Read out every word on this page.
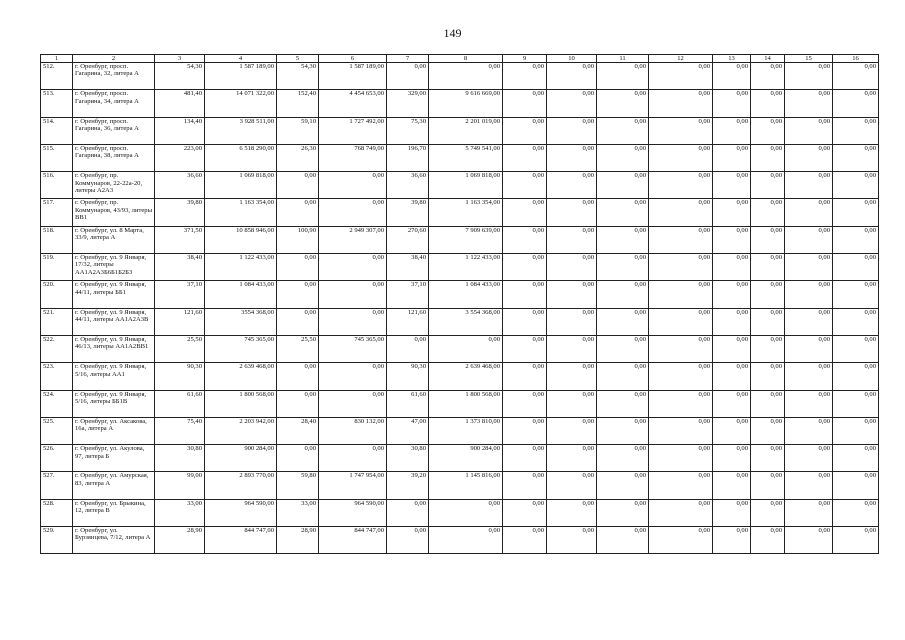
149
1	2	3	4	5	6	7	8	9	10	11	12	13	14	15	16
512.	г. Оренбург, просп. Гагарина, 32, литера А	54,30	1 587 189,00	54,30	1 587 189,00	0,00	0,00	0,00	0,00	0,00	0,00	0,00	0,00	0,00	0,00
513.	г. Оренбург, просп. Гагарина, 34, литера А	481,40	14 071 322,00	152,40	4 454 653,00	329,00	9 616 669,00	0,00	0,00	0,00	0,00	0,00	0,00	0,00	0,00
514.	г. Оренбург, просп. Гагарина, 36, литера А	134,40	3 928 511,00	59,10	1 727 492,00	75,30	2 201 019,00	0,00	0,00	0,00	0,00	0,00	0,00	0,00	0,00
515.	г. Оренбург, просп. Гагарина, 38, литера А	223,00	6 518 290,00	26,30	768 749,00	196,70	5 749 541,00	0,00	0,00	0,00	0,00	0,00	0,00	0,00	0,00
516.	г. Оренбург, пр. Коммунаров, 22-22а-20, литеры А2А3	36,60	1 069 818,00	0,00	0,00	36,60	1 069 818,00	0,00	0,00	0,00	0,00	0,00	0,00	0,00	0,00
517.	г. Оренбург, пр. Коммунаров, 43/93, литеры ВВ1	39,80	1 163 354,00	0,00	0,00	39,80	1 163 354,00	0,00	0,00	0,00	0,00	0,00	0,00	0,00	0,00
518.	г. Оренбург, ул. 8 Марта, 33/9, литера А	371,50	10 858 946,00	100,90	2 949 307,00	270,60	7 909 639,00	0,00	0,00	0,00	0,00	0,00	0,00	0,00	0,00
519.	г. Оренбург, ул. 9 Января, 17/32, литеры АА1А2А3Б6Б1Б2Б3	38,40	1 122 433,00	0,00	0,00	38,40	1 122 433,00	0,00	0,00	0,00	0,00	0,00	0,00	0,00	0,00
520.	г. Оренбург, ул. 9 Января, 44/11, литеры ББ1	37,10	1 084 433,00	0,00	0,00	37,10	1 084 433,00	0,00	0,00	0,00	0,00	0,00	0,00	0,00	0,00
521.	г. Оренбург, ул. 9 Января, 44/11, литеры АА1А2А3В	121,60	3554 368,00	0,00	0,00	121,60	3 554 368,00	0,00	0,00	0,00	0,00	0,00	0,00	0,00	0,00
522.	г. Оренбург, ул. 9 Января, 46/13, литеры АА1А2ВВ1	25,50	745 365,00	25,50	745 365,00	0,00	0,00	0,00	0,00	0,00	0,00	0,00	0,00	0,00	0,00
523.	г. Оренбург, ул. 9 Января, 5/16, литеры АА1	90,30	2 639 468,00	0,00	0,00	90,30	2 639 468,00	0,00	0,00	0,00	0,00	0,00	0,00	0,00	0,00
524.	г. Оренбург, ул. 9 Января, 5/16, литеры ББ1В	61,60	1 800 568,00	0,00	0,00	61,60	1 800 568,00	0,00	0,00	0,00	0,00	0,00	0,00	0,00	0,00
525.	г. Оренбург, ул. Аксакова, 16а, литера А	75,40	2 203 942,00	28,40	830 132,00	47,00	1 373 810,00	0,00	0,00	0,00	0,00	0,00	0,00	0,00	0,00
526.	г. Оренбург, ул. Акулова, 97, литера Б	30,80	900 284,00	0,00	0,00	30,80	900 284,00	0,00	0,00	0,00	0,00	0,00	0,00	0,00	0,00
527.	г. Оренбург, ул. Амурская, 83, литера А	99,00	2 893 770,00	59,80	1 747 954,00	39,20	1 145 816,00	0,00	0,00	0,00	0,00	0,00	0,00	0,00	0,00
528.	г. Оренбург, ул. Брыкина, 12, литера В	33,00	964 590,00	33,00	964 590,00	0,00	0,00	0,00	0,00	0,00	0,00	0,00	0,00	0,00	0,00
529.	г. Оренбург, ул. Бурзянцева, 7/12, литера А	28,90	844 747,00	28,90	844 747,00	0,00	0,00	0,00	0,00	0,00	0,00	0,00	0,00	0,00	0,00
